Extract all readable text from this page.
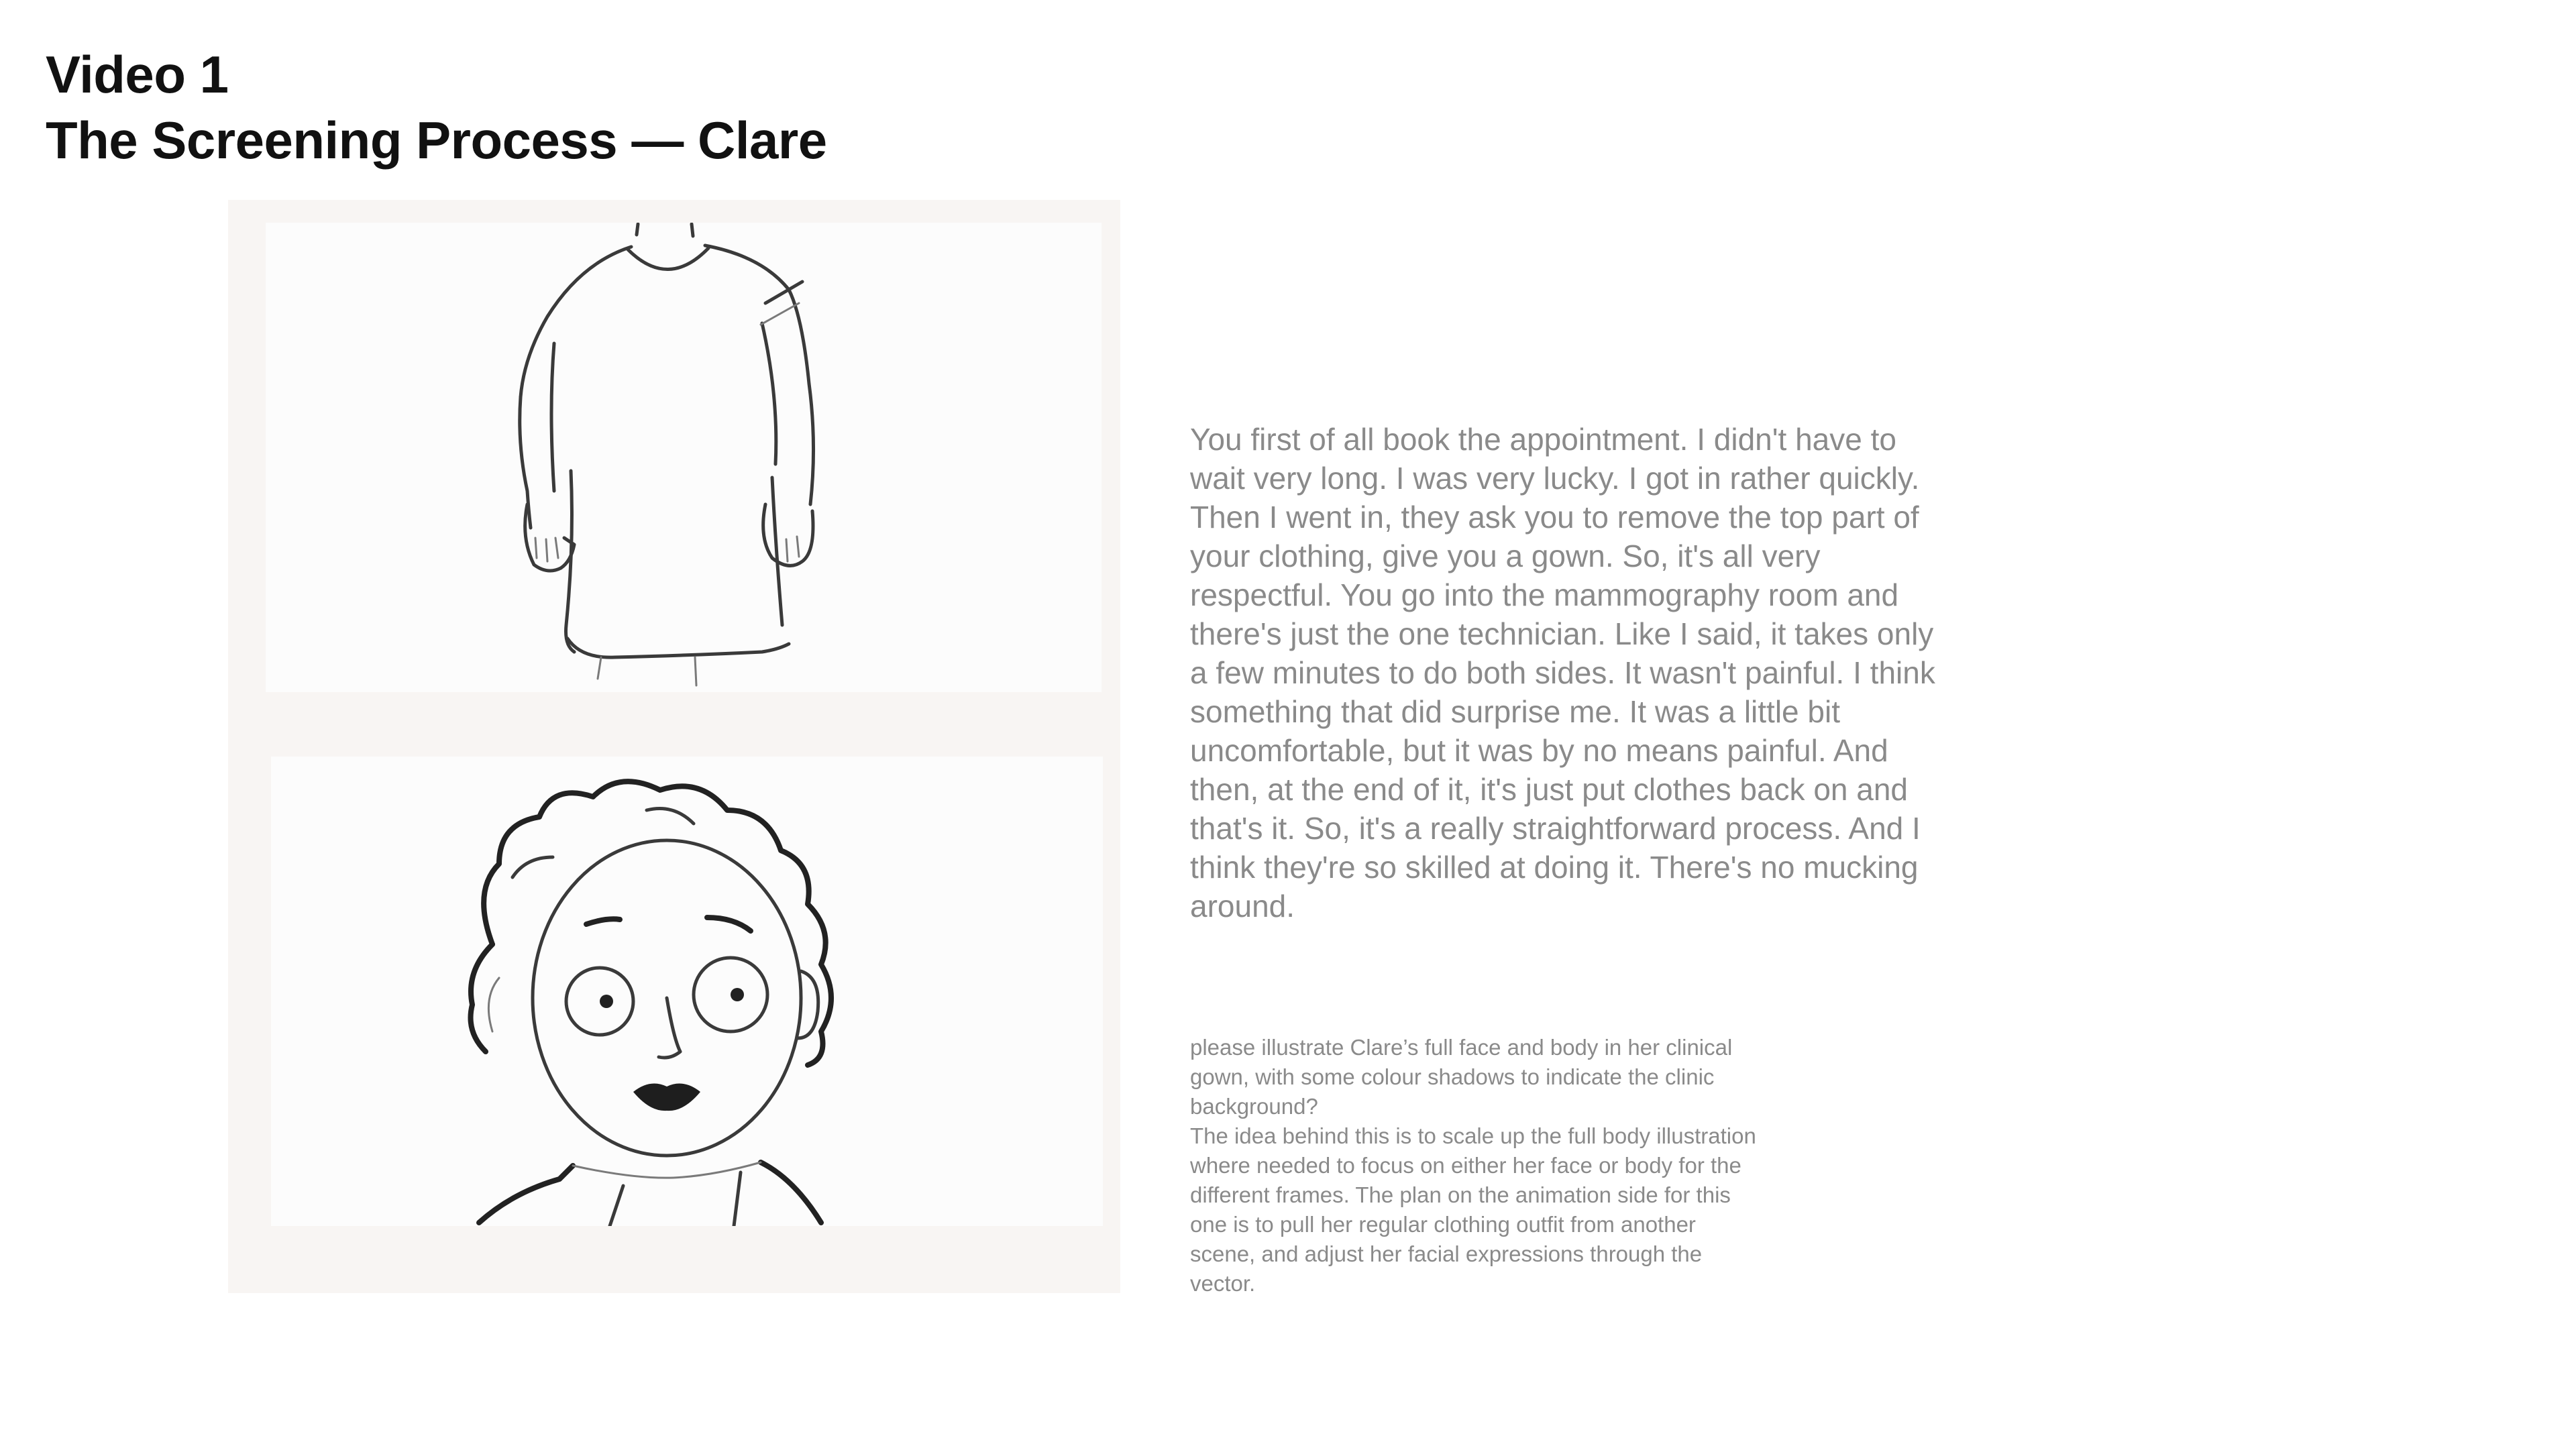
Video 1
The Screening Process — Clare

You first of all book the appointment. I didn't have to wait very long. I was very lucky. I got in rather quickly. Then I went in, they ask you to remove the top part of your clothing, give you a gown. So, it's all very respectful. You go into the mammography room and there's just the one technician. Like I said, it takes only a few minutes to do both sides. It wasn't painful. I think something that did surprise me. It was a little bit uncomfortable, but it was by no means painful. And then, at the end of it, it's just put clothes back on and that's it. So, it's a really straightforward process. And I think they're so skilled at doing it. There's no mucking around.

please illustrate Clare’s full face and body in her clinical gown, with some colour shadows to indicate the clinic background?

The idea behind this is to scale up the full body illustration where needed to focus on either her face or body for the different frames. The plan on the animation side for this one is to pull her regular clothing outfit from another scene, and adjust her facial expressions through the vector.
